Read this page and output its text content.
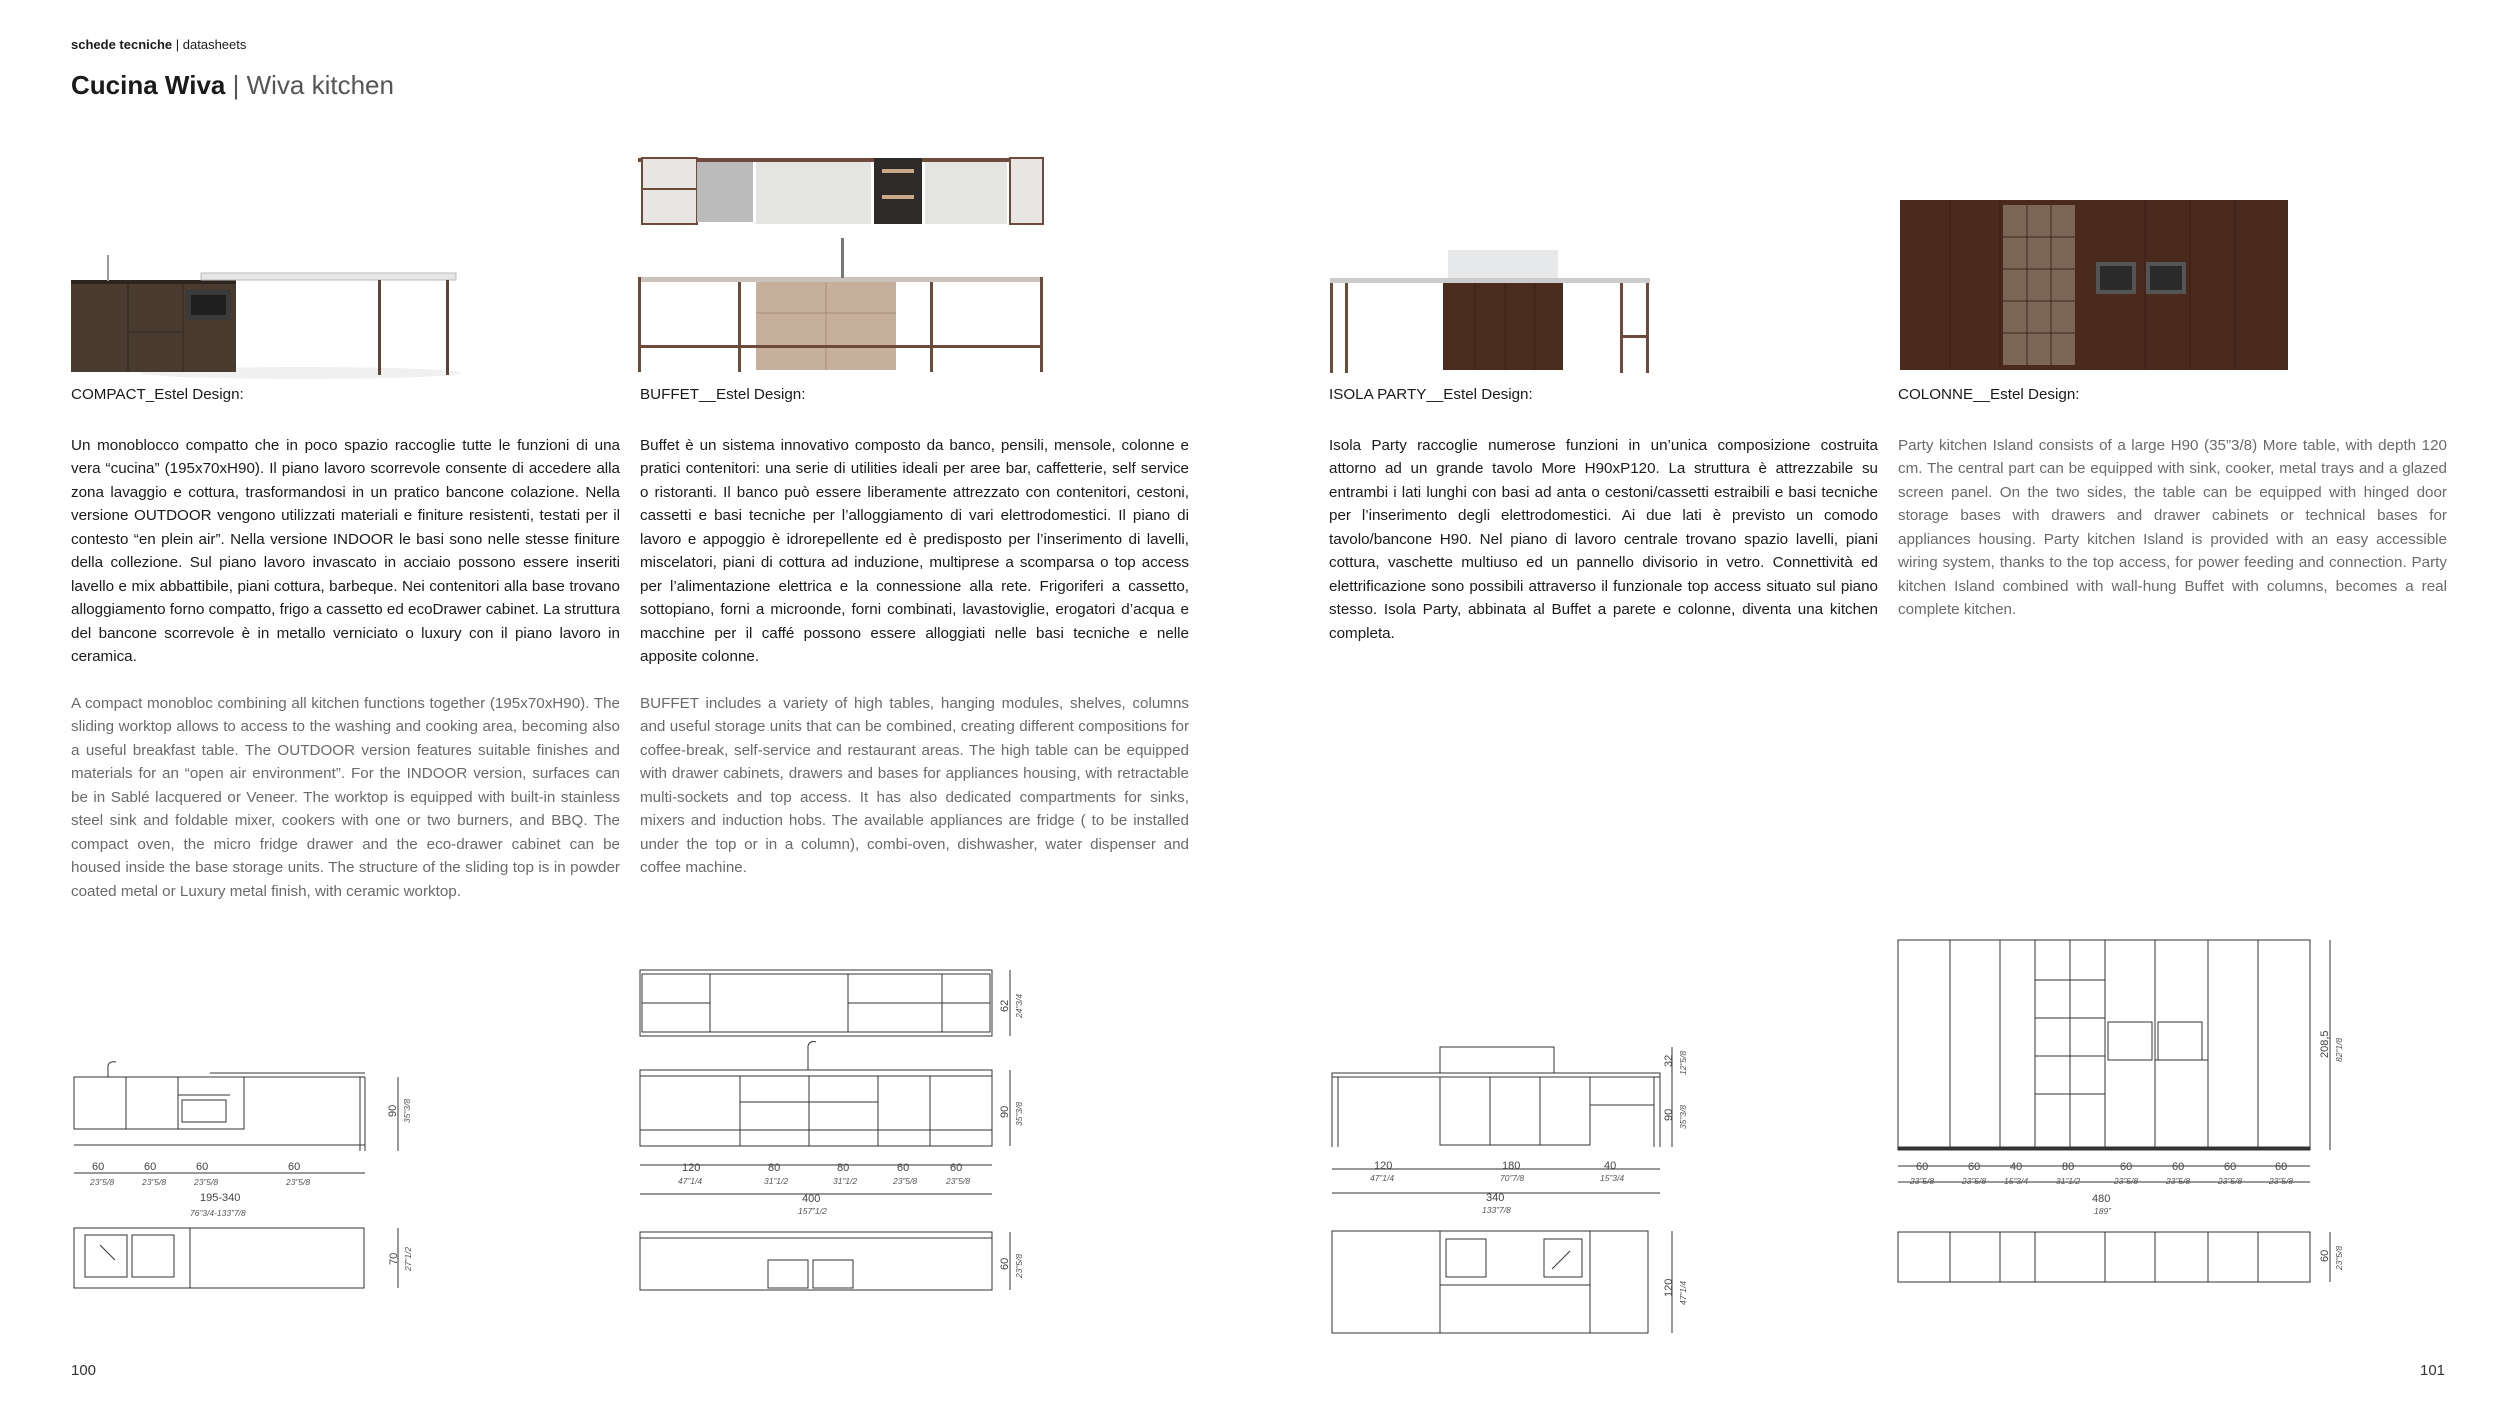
schede tecniche | datasheets
Cucina Wiva | Wiva kitchen
COMPACT_Estel Design:

Un monoblocco compatto che in poco spazio raccoglie tutte le funzioni di una vera “cucina” (195x70xH90). Il piano lavoro scorrevole consente di accedere alla zona lavaggio e cottura, trasformandosi in un pratico bancone colazione. Nella versione OUTDOOR vengono utilizzati materiali e finiture resistenti, testati per il contesto “en plein air”. Nella versione INDOOR le basi sono nelle stesse finiture della collezione. Sul piano lavoro invascato in acciaio possono essere inseriti lavello e mix abbattibile, piani cottura, barbeque. Nei contenitori alla base trovano alloggiamento forno compatto, frigo a cassetto ed ecoDrawer cabinet. La struttura del bancone scorrevole è in metallo verniciato o luxury con il piano lavoro in ceramica.

A compact monobloc combining all kitchen functions together (195x70xH90). The sliding worktop allows to access to the washing and cooking area, becoming also a useful breakfast table. The OUTDOOR version features suitable finishes and materials for an “open air environment”. For the INDOOR version, surfaces can be in Sablé lacquered or Veneer. The worktop is equipped with built-in stainless steel sink and foldable mixer, cookers with one or two burners, and BBQ. The compact oven, the micro fridge drawer and the eco-drawer cabinet can be housed inside the base storage units. The structure of the sliding top is in powder coated metal or Luxury metal finish, with ceramic worktop.

BUFFET__Estel Design:

Buffet è un sistema innovativo composto da banco, pensili, mensole, colonne e pratici contenitori: una serie di utilities ideali per aree bar, caffetterie, self service o ristoranti. Il banco può essere liberamente attrezzato con contenitori, cestoni, cassetti e basi tecniche per l’alloggiamento di vari elettrodomestici. Il piano di lavoro e appoggio è idrorepellente ed è predisposto per l’inserimento di lavelli, miscelatori, piani di cottura ad induzione, multiprese a scomparsa o top access per l’alimentazione elettrica e la connessione alla rete. Frigoriferi a cassetto, sottopiano, forni a microonde, forni combinati, lavastoviglie, erogatori d’acqua e macchine per il caffé possono essere alloggiati nelle basi tecniche e nelle apposite colonne.

BUFFET includes a variety of high tables, hanging modules, shelves, columns and useful storage units that can be combined, creating different compositions for coffee-break, self-service and restaurant areas. The high table can be equipped with drawer cabinets, drawers and bases for appliances housing, with retractable multi-sockets and top access. It has also dedicated compartments for sinks, mixers and induction hobs. The available appliances are fridge ( to be installed under the top or in a column), combi-oven, dishwasher, water dispenser and coffee machine.

ISOLA PARTY__Estel Design:

Isola Party raccoglie numerose funzioni in un’unica composizione costruita attorno ad un grande tavolo More H90xP120. La struttura è attrezzabile su entrambi i lati lunghi con basi ad anta o cestoni/cassetti estraibili e basi tecniche per l’inserimento degli elettrodomestici. Ai due lati è previsto un comodo tavolo/bancone H90. Nel piano di lavoro centrale trovano spazio lavelli, piani cottura, vaschette multiuso ed un pannello divisorio in vetro. Connettività ed elettrificazione sono possibili attraverso il funzionale top access situato sul piano stesso. Isola Party, abbinata al Buffet a parete e colonne, diventa una kitchen completa.

COLONNE__Estel Design:

Party kitchen Island consists of a large H90 (35”3/8) More table, with depth 120 cm. The central part can be equipped with sink, cooker, metal trays and a glazed screen panel. On the two sides, the table can be equipped with hinged door storage bases with drawers and drawer cabinets or technical bases for appliances housing. Party kitchen Island is provided with an easy accessible wiring system, thanks to the top access, for power feeding and connection. Party kitchen Island combined with wall-hung Buffet with columns, becomes a real complete kitchen.

60	60	60	60
23”5/8	23”5/8	23”5/8	23”5/8
195-340
76”3/4-133”7/8
90 35”3/8
70 27”1/2
62 24”3/4
90 35”3/8
120	80	80	60	60
47”1/4	31”1/2	31”1/2	23”5/8	23”5/8
400
157”1/2
60 23”5/8
32 12”5/8
90 35”3/8
120	180	40
47”1/4	70”7/8	15”3/4
340
133”7/8
120 47”1/4
208,5 82”1/8
60	60	40	80	60	60	60	60
23”5/8	23”5/8 15”3/4	31”1/2	23”5/8	23”5/8	23”5/8	23”5/8
480
189”
60 23”5/8
100	101
